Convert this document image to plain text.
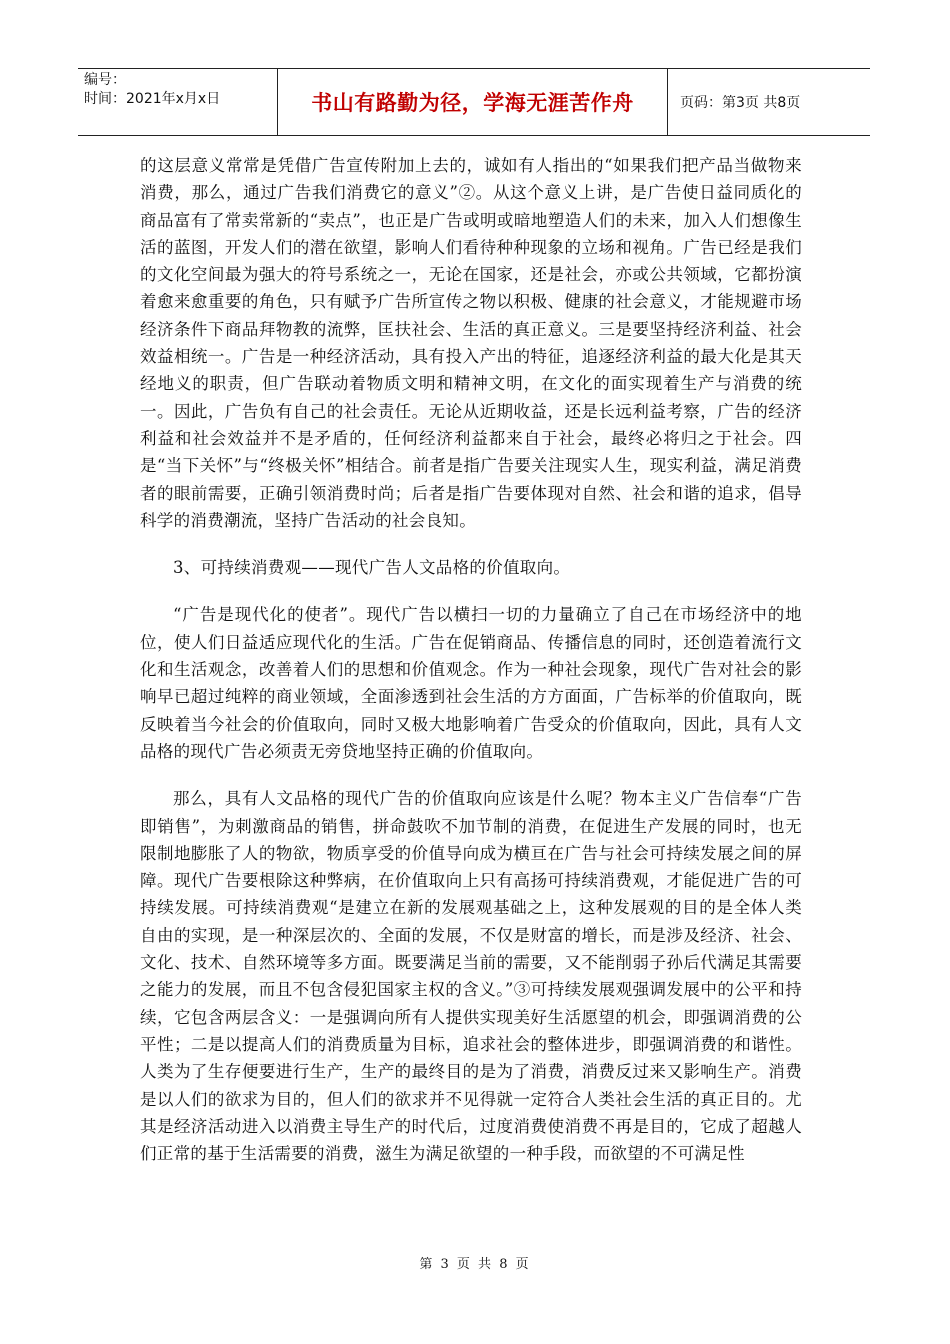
编号：
时间：2021年x月x日	书山有路勤为径，学海无涯苦作舟	页码：第3页 共8页

的这层意义常常是凭借广告宣传附加上去的，诚如有人指出的“如果我们把产品当做物来消费，那么，通过广告我们消费它的意义”②。从这个意义上讲，是广告使日益同质化的商品富有了常卖常新的“卖点”，也正是广告或明或暗地塑造人们的未来，加入人们想像生活的蓝图，开发人们的潜在欲望，影响人们看待种种现象的立场和视角。广告已经是我们的文化空间最为强大的符号系统之一，无论在国家，还是社会，亦或公共领域，它都扮演着愈来愈重要的角色，只有赋予广告所宣传之物以积极、健康的社会意义，才能规避市场经济条件下商品拜物教的流弊，匡扶社会、生活的真正意义。三是要坚持经济利益、社会效益相统一。广告是一种经济活动，具有投入产出的特征，追逐经济利益的最大化是其天经地义的职责，但广告联动着物质文明和精神文明，在文化的面实现着生产与消费的统一。因此，广告负有自己的社会责任。无论从近期收益，还是长远利益考察，广告的经济利益和社会效益并不是矛盾的，任何经济利益都来自于社会，最终必将归之于社会。四是“当下关怀”与“终极关怀”相结合。前者是指广告要关注现实人生，现实利益，满足消费者的眼前需要，正确引领消费时尚；后者是指广告要体现对自然、社会和谐的追求，倡导科学的消费潮流，坚持广告活动的社会良知。

3、可持续消费观——现代广告人文品格的价值取向。

“广告是现代化的使者”。现代广告以横扫一切的力量确立了自己在市场经济中的地位，使人们日益适应现代化的生活。广告在促销商品、传播信息的同时，还创造着流行文化和生活观念，改善着人们的思想和价值观念。作为一种社会现象，现代广告对社会的影响早已超过纯粹的商业领域，全面渗透到社会生活的方方面面，广告标举的价值取向，既反映着当今社会的价值取向，同时又极大地影响着广告受众的价值取向，因此，具有人文品格的现代广告必须责无旁贷地坚持正确的价值取向。

那么，具有人文品格的现代广告的价值取向应该是什么呢？物本主义广告信奉“广告即销售”，为刺激商品的销售，拼命鼓吹不加节制的消费，在促进生产发展的同时，也无限制地膨胀了人的物欲，物质享受的价值导向成为横亘在广告与社会可持续发展之间的屏障。现代广告要根除这种弊病，在价值取向上只有高扬可持续消费观，才能促进广告的可持续发展。可持续消费观“是建立在新的发展观基础之上，这种发展观的目的是全体人类自由的实现，是一种深层次的、全面的发展，不仅是财富的增长，而是涉及经济、社会、文化、技术、自然环境等多方面。既要满足当前的需要，又不能削弱子孙后代满足其需要之能力的发展，而且不包含侵犯国家主权的含义。”③可持续发展观强调发展中的公平和持续，它包含两层含义：一是强调向所有人提供实现美好生活愿望的机会，即强调消费的公平性；二是以提高人们的消费质量为目标，追求社会的整体进步，即强调消费的和谐性。人类为了生存便要进行生产，生产的最终目的是为了消费，消费反过来又影响生产。消费是以人们的欲求为目的，但人们的欲求并不见得就一定符合人类社会生活的真正目的。尤其是经济活动进入以消费主导生产的时代后，过度消费使消费不再是目的，它成了超越人们正常的基于生活需要的消费，滋生为满足欲望的一种手段，而欲望的不可满足性

第 3 页 共 8 页
